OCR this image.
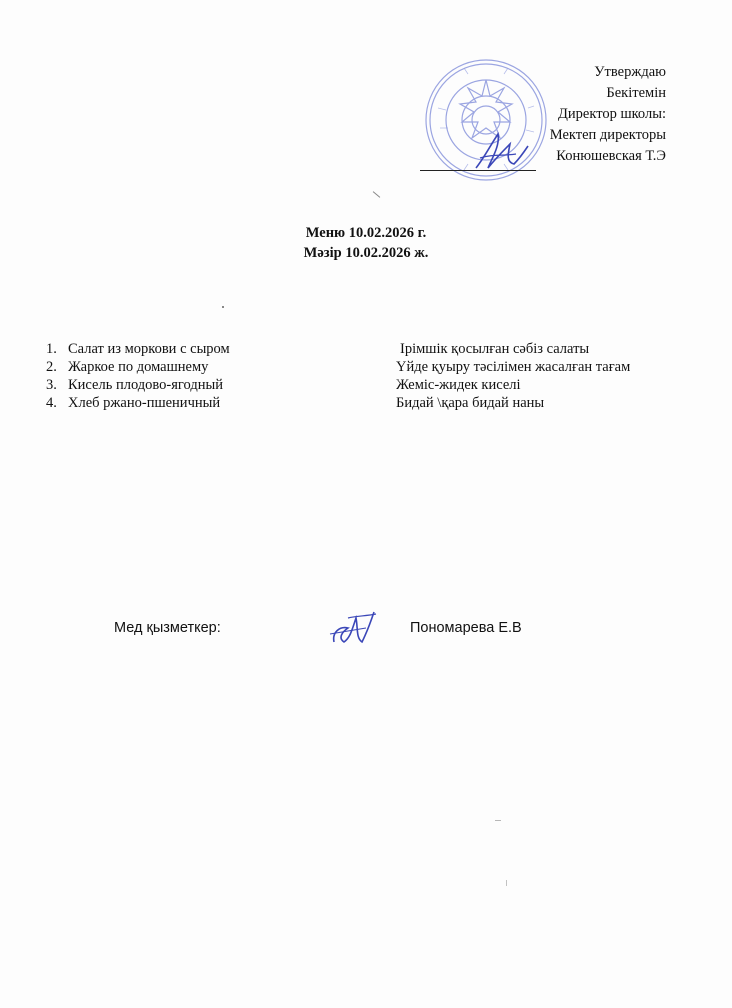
Утверждаю
Бекітемін
Директор школы:
Мектеп директоры
Конюшевская Т.Э
Меню 10.02.2026 г.
Мәзір 10.02.2026 ж.
1. Салат из моркови с сыром
2. Жаркое по домашнему
3. Кисель плодово-ягодный
4. Хлеб ржано-пшеничный
Ірімшік қосылған сәбіз салаты
Үйде қуыру тәсілімен жасалған тағам
Жеміс-жидек киселі
Бидай \қара бидай наны
Мед қызметкер:	Пономарева Е.В
